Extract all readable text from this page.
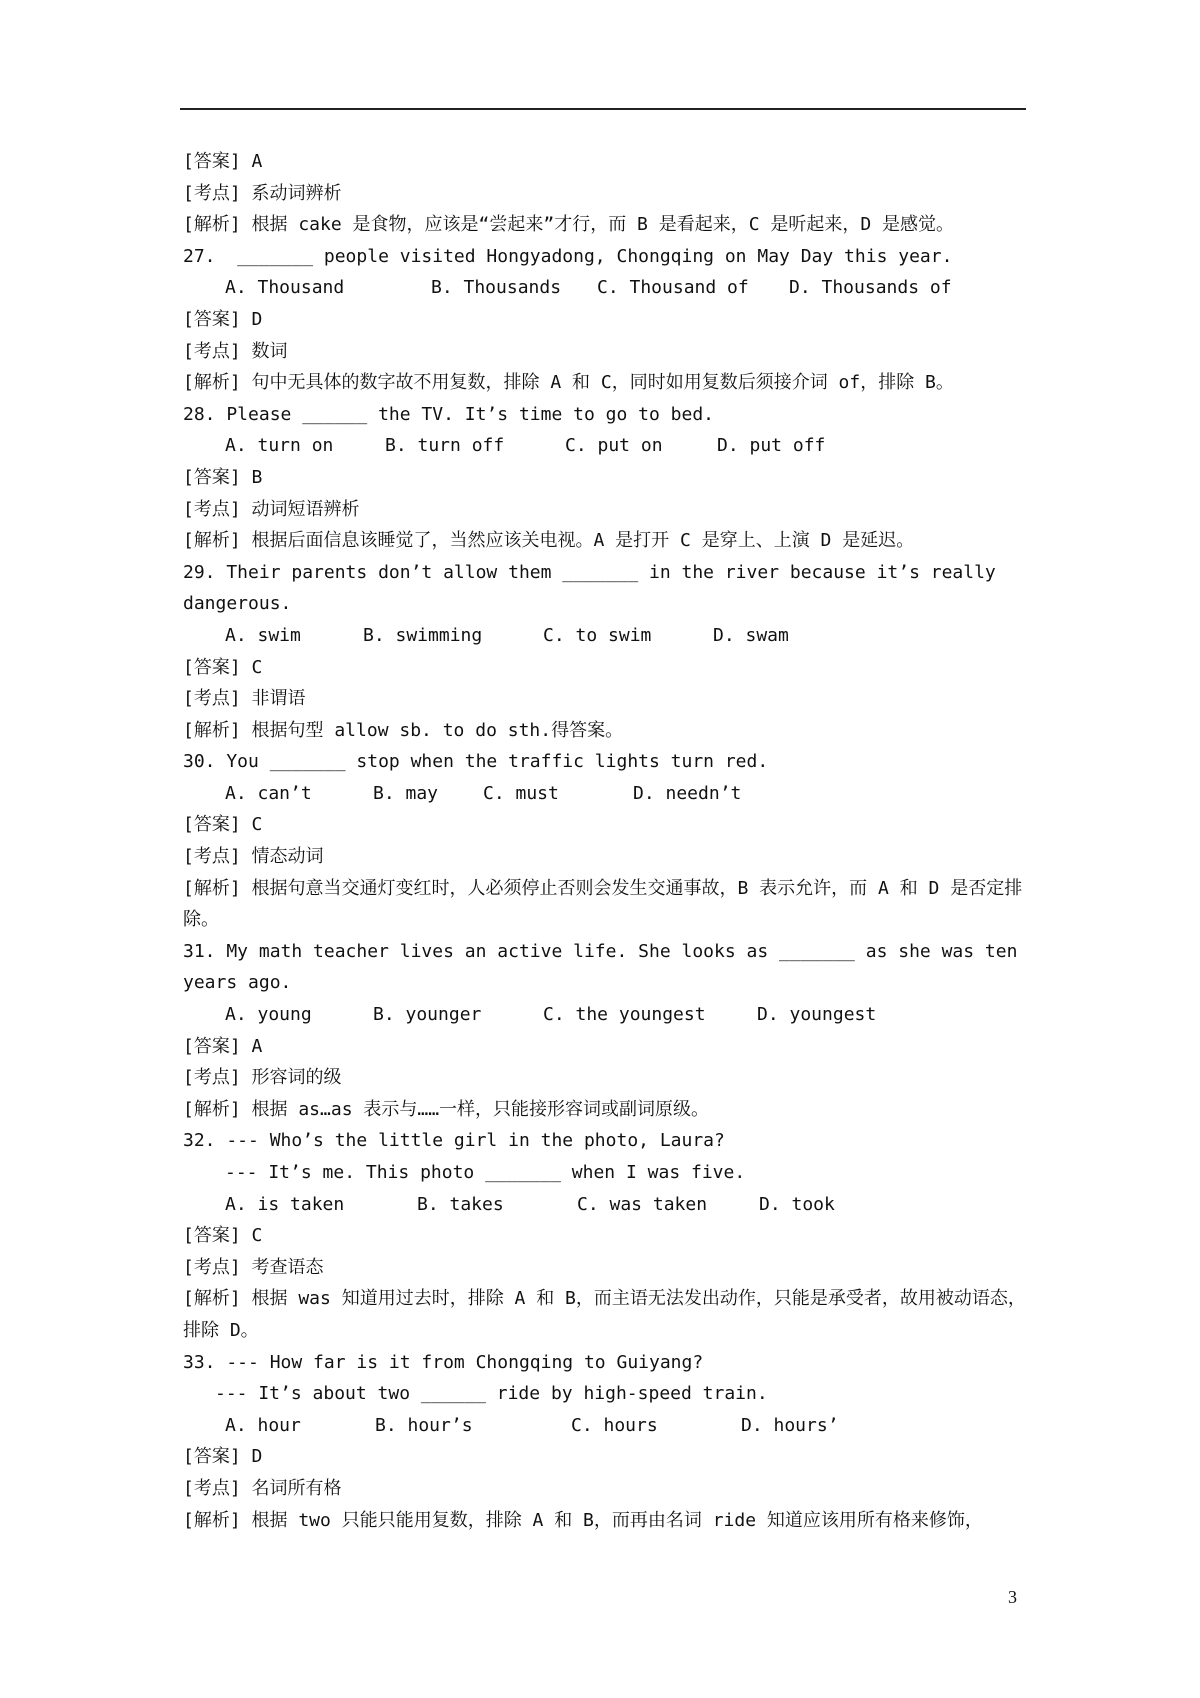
[答案] A
[考点] 系动词辨析
[解析] 根据 cake 是食物，应该是“尝起来”才行，而 B 是看起来，C 是听起来，D 是感觉。
27.  _______ people visited Hongyadong, Chongqing on May Day this year.
A. Thousand	B. Thousands	C. Thousand of	D. Thousands of
[答案] D
[考点] 数词
[解析] 句中无具体的数字故不用复数，排除 A 和 C，同时如用复数后须接介词 of，排除 B。
28. Please ______ the TV. It’s time to go to bed.
A. turn on	B. turn off	C. put on	D. put off
[答案] B
[考点] 动词短语辨析
[解析] 根据后面信息该睡觉了，当然应该关电视。A 是打开 C 是穿上、上演 D 是延迟。
29. Their parents don’t allow them _______ in the river because it’s really dangerous.
A. swim	B. swimming	C. to swim	D. swam
[答案] C
[考点] 非谓语
[解析] 根据句型 allow sb. to do sth.得答案。
30. You _______ stop when the traffic lights turn red.
A. can’t	B. may	C. must	D. needn’t
[答案] C
[考点] 情态动词
[解析] 根据句意当交通灯变红时，人必须停止否则会发生交通事故，B 表示允许，而 A 和 D 是否定排除。
31. My math teacher lives an active life. She looks as _______ as she was ten years ago.
A. young	B. younger	C. the youngest	D. youngest
[答案] A
[考点] 形容词的级
[解析] 根据 as…as 表示与……一样，只能接形容词或副词原级。
32. --- Who’s the little girl in the photo, Laura?
--- It’s me. This photo _______ when I was five.
A. is taken	B. takes	C. was taken	D. took
[答案] C
[考点] 考查语态
[解析] 根据 was 知道用过去时，排除 A 和 B，而主语无法发出动作，只能是承受者，故用被动语态，排除 D。
33. --- How far is it from Chongqing to Guiyang?
--- It’s about two ______ ride by high-speed train.
A. hour	B. hour’s	C. hours	D. hours’
[答案] D
[考点] 名词所有格
[解析] 根据 two 只能只能用复数，排除 A 和 B，而再由名词 ride 知道应该用所有格来修饰，
3
